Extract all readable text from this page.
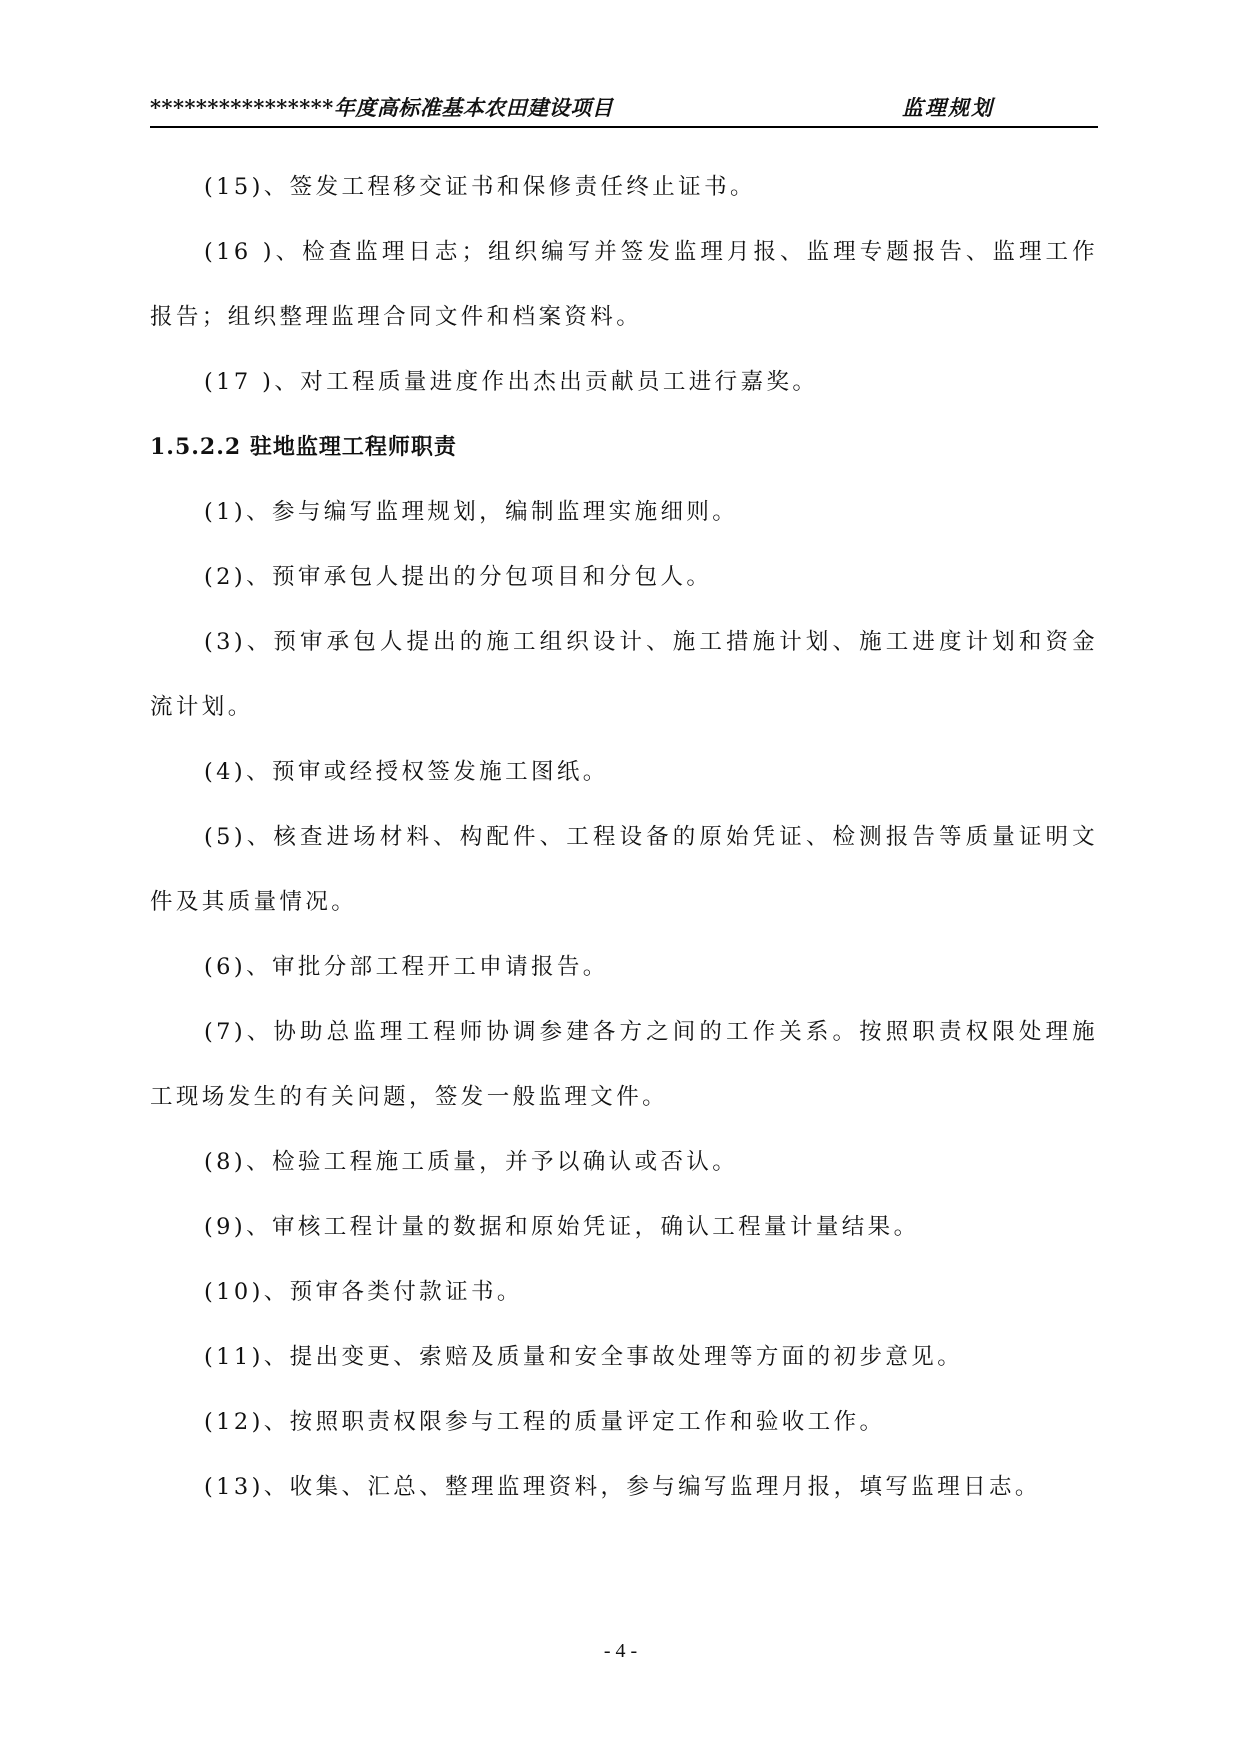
****************年度高标准基本农田建设项目	监理规划
(15)、签发工程移交证书和保修责任终止证书。
(16 )、检查监理日志；组织编写并签发监理月报、监理专题报告、监理工作报告；组织整理监理合同文件和档案资料。
(17 )、对工程质量进度作出杰出贡献员工进行嘉奖。
1.5.2.2 驻地监理工程师职责
(1)、参与编写监理规划，编制监理实施细则。
(2)、预审承包人提出的分包项目和分包人。
(3)、预审承包人提出的施工组织设计、施工措施计划、施工进度计划和资金流计划。
(4)、预审或经授权签发施工图纸。
(5)、核查进场材料、构配件、工程设备的原始凭证、检测报告等质量证明文件及其质量情况。
(6)、审批分部工程开工申请报告。
(7)、协助总监理工程师协调参建各方之间的工作关系。按照职责权限处理施工现场发生的有关问题，签发一般监理文件。
(8)、检验工程施工质量，并予以确认或否认。
(9)、审核工程计量的数据和原始凭证，确认工程量计量结果。
(10)、预审各类付款证书。
(11)、提出变更、索赔及质量和安全事故处理等方面的初步意见。
(12)、按照职责权限参与工程的质量评定工作和验收工作。
(13)、收集、汇总、整理监理资料，参与编写监理月报，填写监理日志。
- 4 -
